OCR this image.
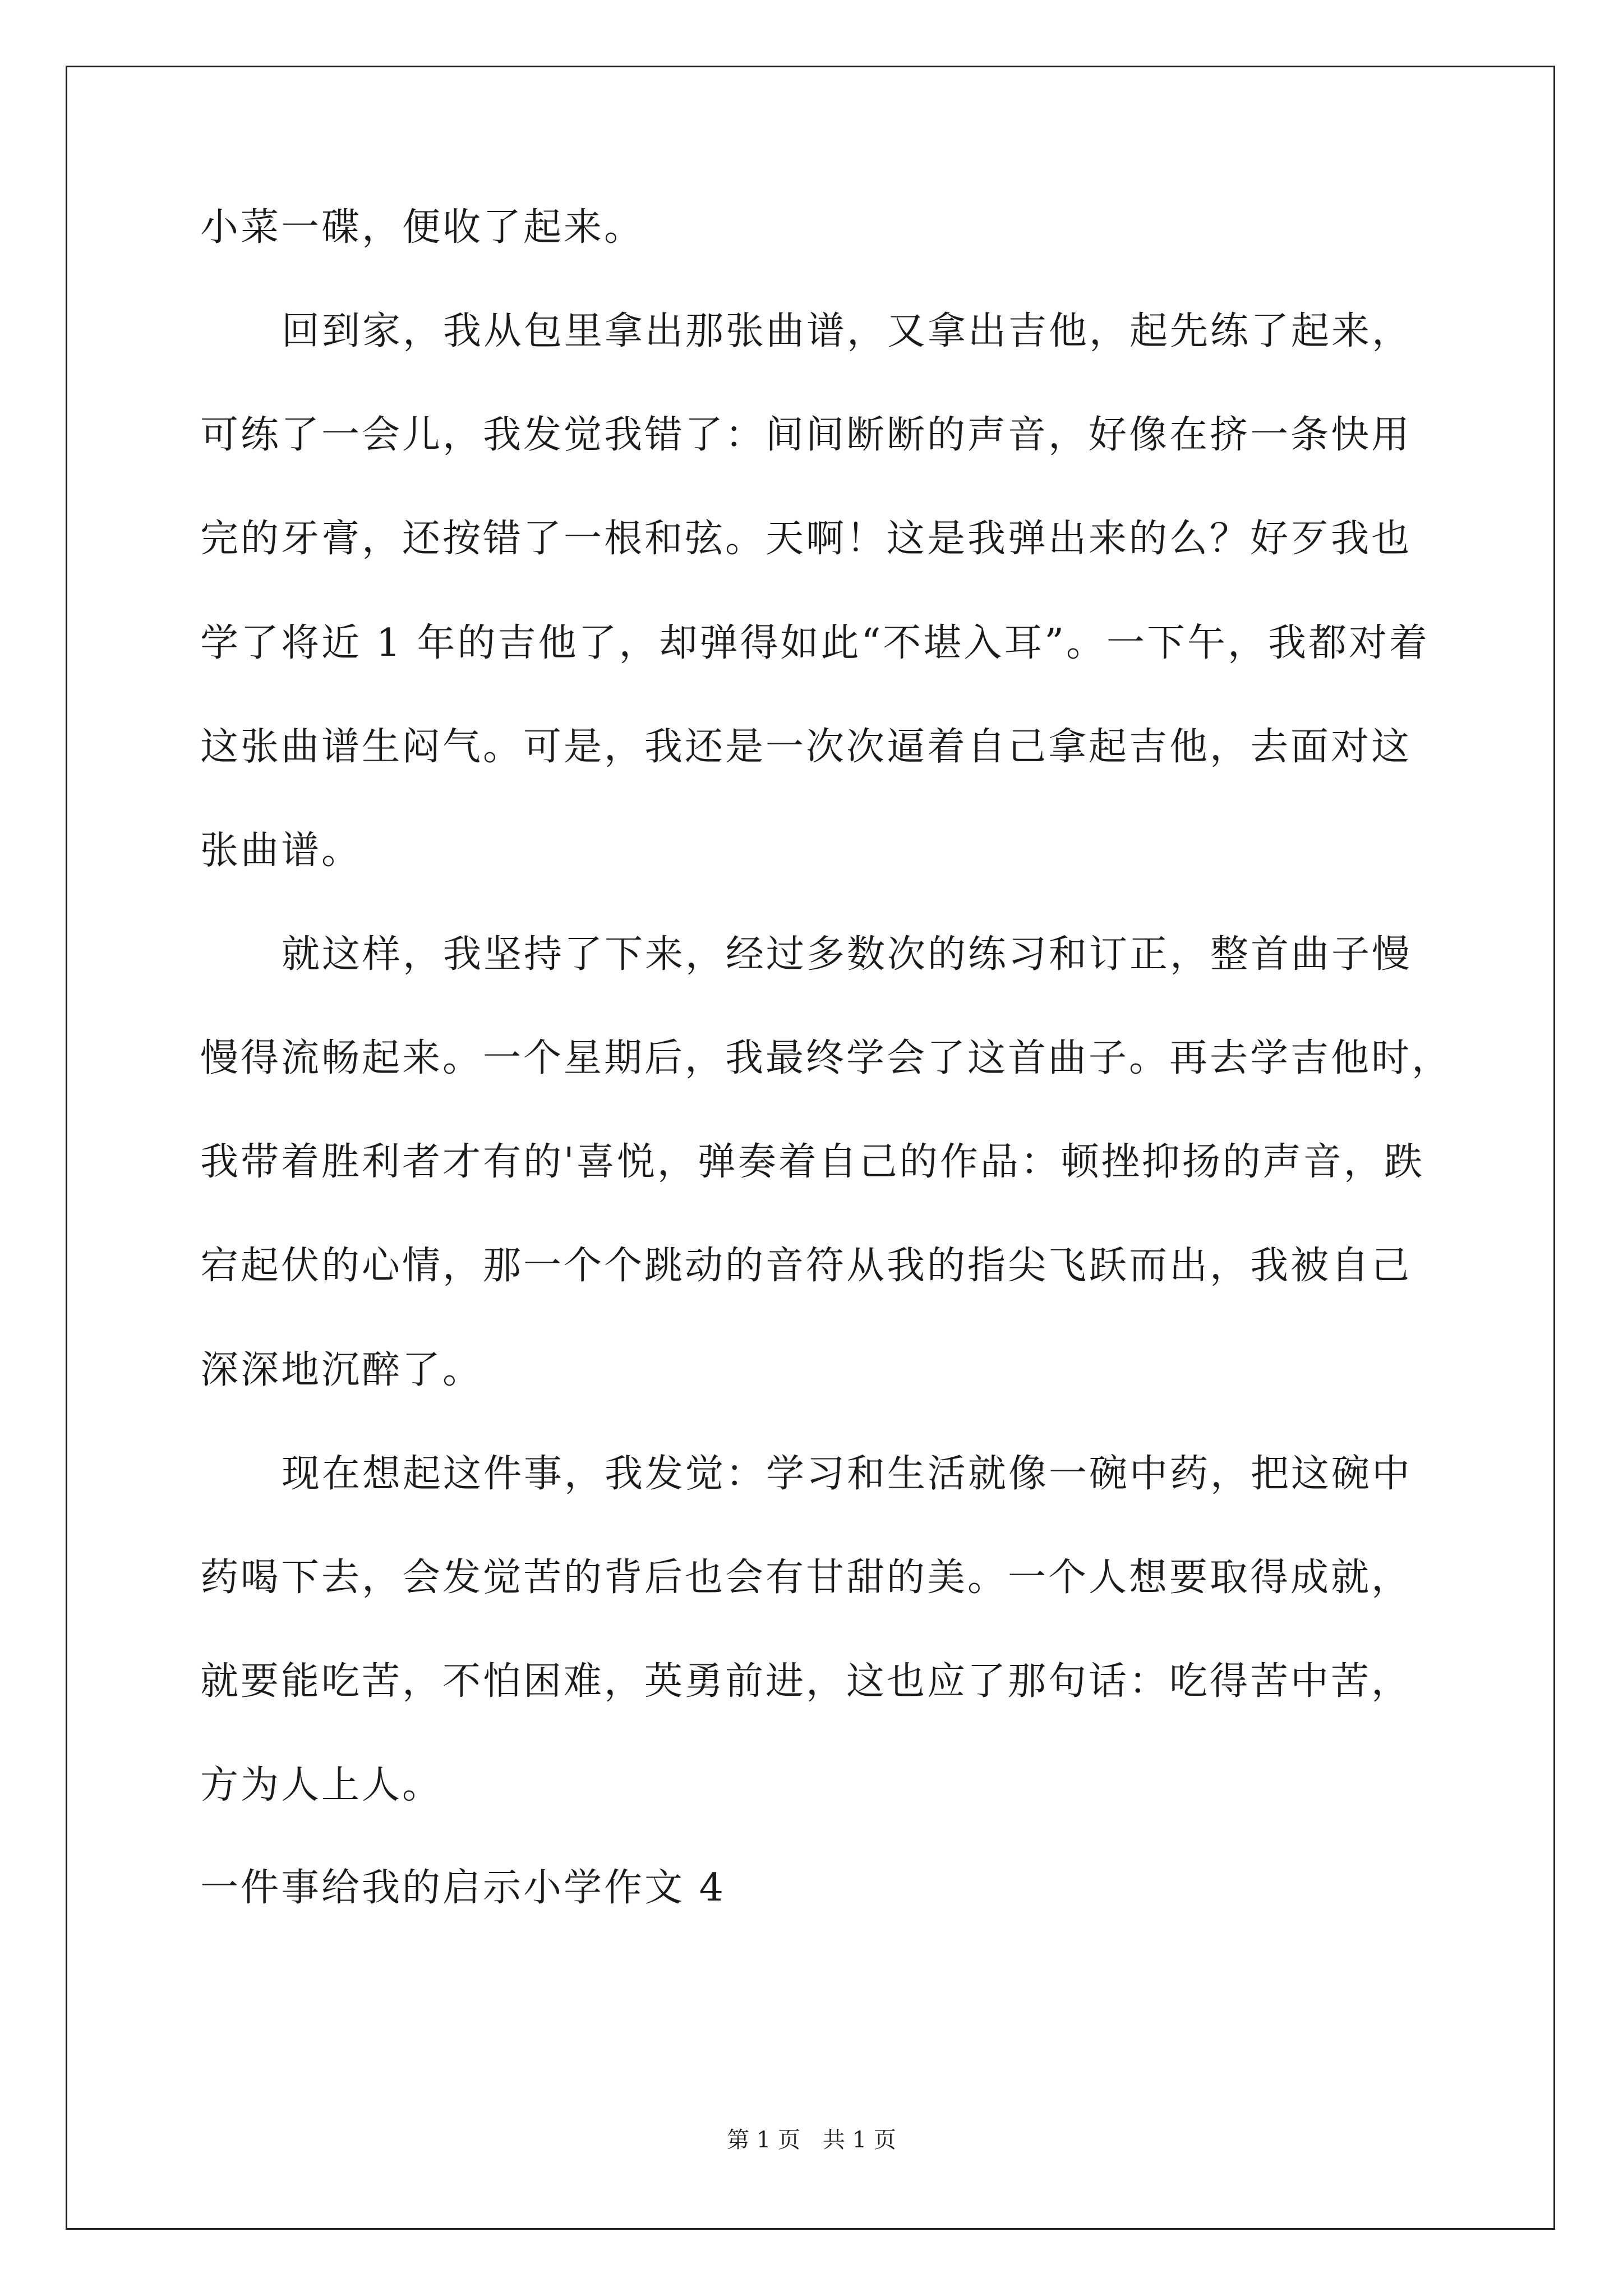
小菜一碟，便收了起来。
回到家，我从包里拿出那张曲谱，又拿出吉他，起先练了起来，
可练了一会儿，我发觉我错了：间间断断的声音，好像在挤一条快用
完的牙膏，还按错了一根和弦。天啊！这是我弹出来的么？好歹我也
学了将近 1 年的吉他了，却弹得如此“不堪入耳”。一下午，我都对着
这张曲谱生闷气。可是，我还是一次次逼着自己拿起吉他，去面对这
张曲谱。
就这样，我坚持了下来，经过多数次的练习和订正，整首曲子慢
慢得流畅起来。一个星期后，我最终学会了这首曲子。再去学吉他时，
我带着胜利者才有的'喜悦，弹奏着自己的作品：顿挫抑扬的声音，跌
宕起伏的心情，那一个个跳动的音符从我的指尖飞跃而出，我被自己
深深地沉醉了。
现在想起这件事，我发觉：学习和生活就像一碗中药，把这碗中
药喝下去，会发觉苦的背后也会有甘甜的美。一个人想要取得成就，
就要能吃苦，不怕困难，英勇前进，这也应了那句话：吃得苦中苦，
方为人上人。
一件事给我的启示小学作文 4
第 1 页　共 1 页
